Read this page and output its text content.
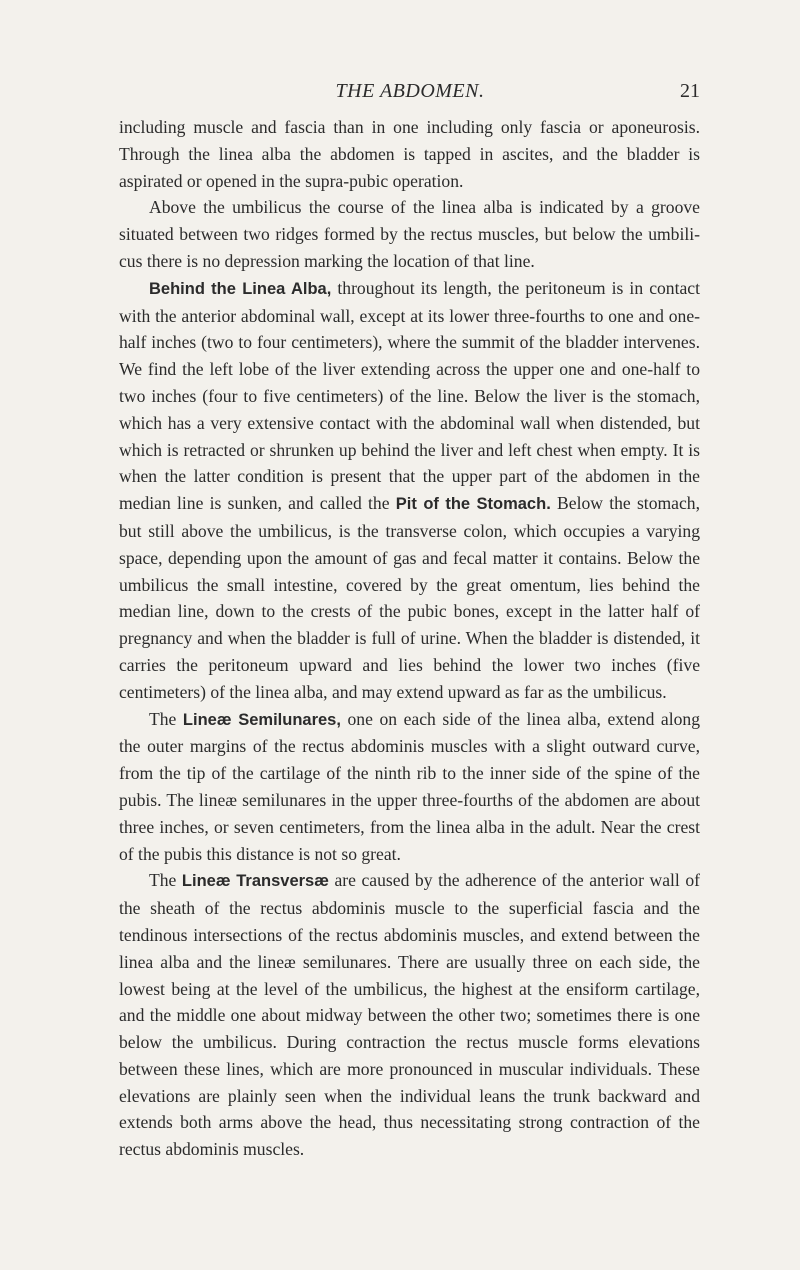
THE ABDOMEN.	21

including muscle and fascia than in one including only fascia or aponeurosis. Through the linea alba the abdomen is tapped in ascites, and the bladder is aspirated or opened in the supra-pubic operation.

Above the umbilicus the course of the linea alba is indicated by a groove situated between two ridges formed by the rectus muscles, but below the umbili-cus there is no depression marking the location of that line.

Behind the Linea Alba, throughout its length, the peritoneum is in contact with the anterior abdominal wall, except at its lower three-fourths to one and one-half inches (two to four centimeters), where the summit of the bladder intervenes. We find the left lobe of the liver extending across the upper one and one-half to two inches (four to five centimeters) of the line. Below the liver is the stomach, which has a very extensive contact with the abdominal wall when distended, but which is retracted or shrunken up behind the liver and left chest when empty. It is when the latter condition is present that the upper part of the abdomen in the median line is sunken, and called the Pit of the Stomach. Below the stomach, but still above the umbilicus, is the transverse colon, which occupies a varying space, depending upon the amount of gas and fecal matter it contains. Below the umbilicus the small intestine, covered by the great omentum, lies behind the median line, down to the crests of the pubic bones, except in the latter half of pregnancy and when the bladder is full of urine. When the bladder is distended, it carries the peritoneum upward and lies behind the lower two inches (five centimeters) of the linea alba, and may extend upward as far as the umbilicus.

The Lineæ Semilunares, one on each side of the linea alba, extend along the outer margins of the rectus abdominis muscles with a slight outward curve, from the tip of the cartilage of the ninth rib to the inner side of the spine of the pubis. The lineæ semilunares in the upper three-fourths of the abdomen are about three inches, or seven centimeters, from the linea alba in the adult. Near the crest of the pubis this distance is not so great.

The Lineæ Transversæ are caused by the adherence of the anterior wall of the sheath of the rectus abdominis muscle to the superficial fascia and the tendinous intersections of the rectus abdominis muscles, and extend between the linea alba and the lineæ semilunares. There are usually three on each side, the lowest being at the level of the umbilicus, the highest at the ensiform cartilage, and the middle one about midway between the other two; sometimes there is one below the umbilicus. During contraction the rectus muscle forms elevations between these lines, which are more pronounced in muscular individuals. These elevations are plainly seen when the individual leans the trunk backward and extends both arms above the head, thus necessitating strong contraction of the rectus abdominis muscles.
